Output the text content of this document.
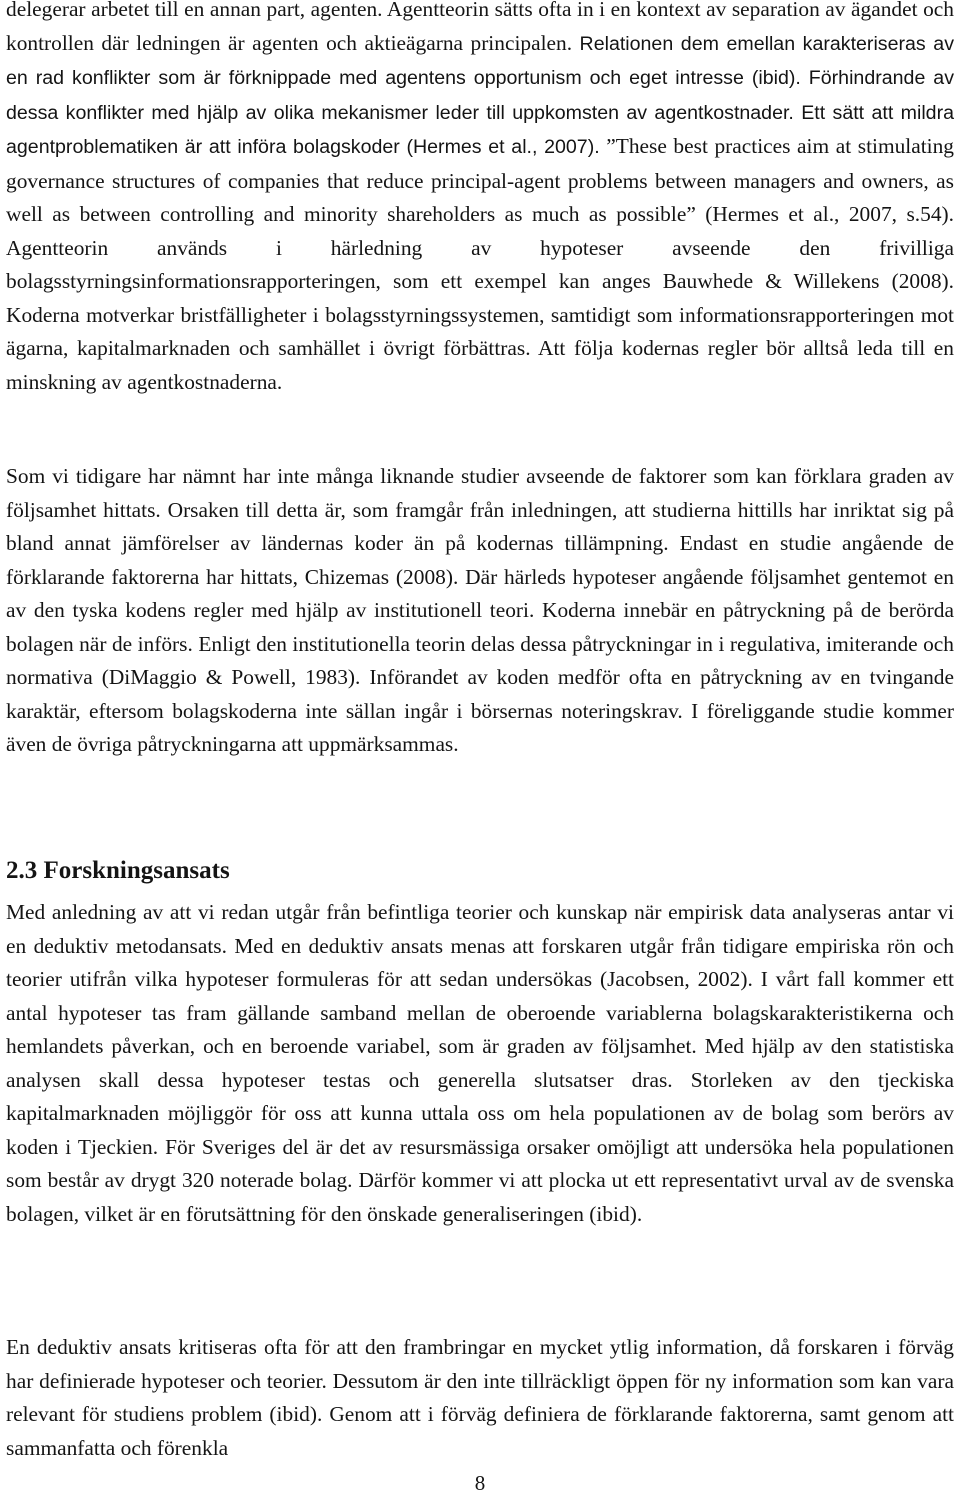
delegerar arbetet till en annan part, agenten. Agentteorin sätts ofta in i en kontext av separation av ägandet och kontrollen där ledningen är agenten och aktieägarna principalen. Relationen dem emellan karakteriseras av en rad konflikter som är förknippade med agentens opportunism och eget intresse (ibid). Förhindrande av dessa konflikter med hjälp av olika mekanismer leder till uppkomsten av agentkostnader. Ett sätt att mildra agentproblematiken är att införa bolagskoder (Hermes et al., 2007). ”These best practices aim at stimulating governance structures of companies that reduce principal-agent problems between managers and owners, as well as between controlling and minority shareholders as much as possible” (Hermes et al., 2007, s.54). Agentteorin används i härledning av hypoteser avseende den frivilliga bolagsstyrningsinformationsrapporteringen, som ett exempel kan anges Bauwhede & Willekens (2008). Koderna motverkar bristfälligheter i bolagsstyrningssystemen, samtidigt som informationsrapporteringen mot ägarna, kapitalmarknaden och samhället i övrigt förbättras. Att följa kodernas regler bör alltså leda till en minskning av agentkostnaderna.

Som vi tidigare har nämnt har inte många liknande studier avseende de faktorer som kan förklara graden av följsamhet hittats. Orsaken till detta är, som framgår från inledningen, att studierna hittills har inriktat sig på bland annat jämförelser av ländernas koder än på kodernas tillämpning. Endast en studie angående de förklarande faktorerna har hittats, Chizemas (2008). Där härleds hypoteser angående följsamhet gentemot en av den tyska kodens regler med hjälp av institutionell teori. Koderna innebär en påtryckning på de berörda bolagen när de införs. Enligt den institutionella teorin delas dessa påtryckningar in i regulativa, imiterande och normativa (DiMaggio & Powell, 1983). Införandet av koden medför ofta en påtryckning av en tvingande karaktär, eftersom bolagskoderna inte sällan ingår i börsernas noteringskrav. I föreliggande studie kommer även de övriga påtryckningarna att uppmärksammas.

2.3 Forskningsansats

Med anledning av att vi redan utgår från befintliga teorier och kunskap när empirisk data analyseras antar vi en deduktiv metodansats. Med en deduktiv ansats menas att forskaren utgår från tidigare empiriska rön och teorier utifrån vilka hypoteser formuleras för att sedan undersökas (Jacobsen, 2002). I vårt fall kommer ett antal hypoteser tas fram gällande samband mellan de oberoende variablerna bolagskarakteristikerna och hemlandets påverkan, och en beroende variabel, som är graden av följsamhet. Med hjälp av den statistiska analysen skall dessa hypoteser testas och generella slutsatser dras. Storleken av den tjeckiska kapitalmarknaden möjliggör för oss att kunna uttala oss om hela populationen av de bolag som berörs av koden i Tjeckien. För Sveriges del är det av resursmässiga orsaker omöjligt att undersöka hela populationen som består av drygt 320 noterade bolag. Därför kommer vi att plocka ut ett representativt urval av de svenska bolagen, vilket är en förutsättning för den önskade generaliseringen (ibid).

En deduktiv ansats kritiseras ofta för att den frambringar en mycket ytlig information, då forskaren i förväg har definierade hypoteser och teorier. Dessutom är den inte tillräckligt öppen för ny information som kan vara relevant för studiens problem (ibid). Genom att i förväg definiera de förklarande faktorerna, samt genom att sammanfatta och förenkla

8
